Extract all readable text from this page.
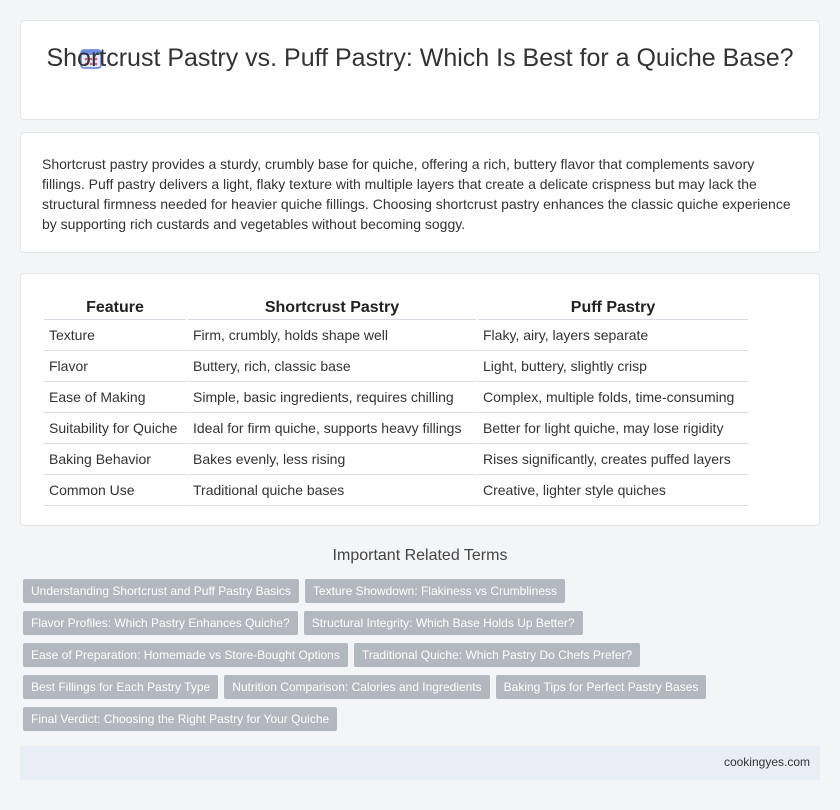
Shortcrust Pastry vs. Puff Pastry: Which Is Best for a Quiche Base?

Shortcrust pastry provides a sturdy, crumbly base for quiche, offering a rich, buttery flavor that complements savory fillings. Puff pastry delivers a light, flaky texture with multiple layers that create a delicate crispness but may lack the structural firmness needed for heavier quiche fillings. Choosing shortcrust pastry enhances the classic quiche experience by supporting rich custards and vegetables without becoming soggy.

Feature	Shortcrust Pastry	Puff Pastry
Texture	Firm, crumbly, holds shape well	Flaky, airy, layers separate
Flavor	Buttery, rich, classic base	Light, buttery, slightly crisp
Ease of Making	Simple, basic ingredients, requires chilling	Complex, multiple folds, time-consuming
Suitability for Quiche	Ideal for firm quiche, supports heavy fillings	Better for light quiche, may lose rigidity
Baking Behavior	Bakes evenly, less rising	Rises significantly, creates puffed layers
Common Use	Traditional quiche bases	Creative, lighter style quiches
Important Related Terms
Understanding Shortcrust and Puff Pastry Basics	Texture Showdown: Flakiness vs Crumbliness
Flavor Profiles: Which Pastry Enhances Quiche?	Structural Integrity: Which Base Holds Up Better?
Ease of Preparation: Homemade vs Store-Bought Options	Traditional Quiche: Which Pastry Do Chefs Prefer?
Best Fillings for Each Pastry Type	Nutrition Comparison: Calories and Ingredients	Baking Tips for Perfect Pastry Bases
Final Verdict: Choosing the Right Pastry for Your Quiche
cookingyes.com
